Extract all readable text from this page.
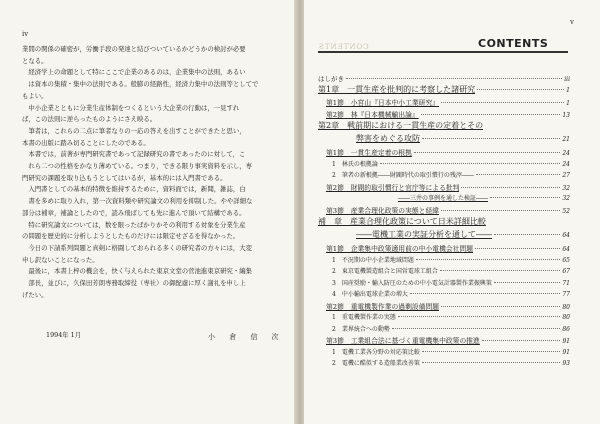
iv

業間の関係の確密が，労働手段の発達と結びついているかどうかの検討が必要

となる。

経済学上の命題として特にここで企業のあるのは，企業集中の法則，あるい

は資本の集積・集中の法則である。般膨の経路性，経済力集中の法則等としてで

もよい。

中小企業とともに分業生産体制をつくるという大企業の行動は，一見すれ

ば，この法則に逆らったものようにさえ映る。

筆者は，これらの二点に筆者なりの一応の答えを出すことができたと思い，

本書の出版に踏み切ることにしたのである。

本書では，前著が専門研究書であって記録研究の書であったのに対して，こ

れら二つの性格をかなり薄めている。つまり，できる限り事実資料を示し，専

門研究の課題を取り込もうとしてはいるが，基本的には入門書である。

入門書としての基本的特徴を維持するために，資料面では，新聞，雑誌，白

書を多めに取り入れ，第一次資料類や研究論文の利用を抑制した。やや詳細な

部分は補章，補論としたので，読み飛ばしても先に進んで頂いて結構である。

特に研究論文については，数を限ったばかりかその利用する対象を分業生産

の問題を歴史的に分析しようとしたものだけには限定せざるを得なかった。

今日の下請系列問題と真剣に格闘しておられる多くの研究者の方々には，大変

申し訳ないことになった。

最後に，本書上梓の機会を，快く与えられた東京文堂の菅池進東京研究・編集

部長，並びに，久保田芳朗専務取締役（専社）の御配慮に厚く謝礼を申し上

げたい。

1994年 1月	小 倉 信 次
v
CONTENTS	CONTENTS
はしがき	iii
第1章　一貫生産を批判的に考察した諸研究	1
第1節　小宮山『日本中小工業研究』	1
第2節　林『日本機械輸出論』	13
第2章　戦前期における一貫生産の定着とその
弊害をめぐる攻防	21
第1節　一貫生産定着の根拠	24
1　林氏の根拠論	24
2　筆者の新根拠――財閥時代の取引慣行の残滓――	27
第2節　財閥的取引慣行と官庁等による批判	32
――三井の事例を通した検証――	32
第3節　産業合理化政策の実態と経緯	52
補　章　産業合理化政策について日米詳細比較
――電機工業の実証分析を通して――	64
第1節　企業集中政策適用前の中小電機会社問題	64
1　不況期の中小企業地域問題	65
2　東京電機製造組合と国営電球工組合	67
3　国産奨励・輸入防圧のための中小電気計器製作業振興策	71
4　中小輸出電球企業の増大	77
第2節　重電機製作業の過剰設備問題	80
1　重電機製作業の実態	80
2　業界統合への動勢	86
第3節　工業組合法に基づく重電機集中政策の推進	91
1　電機工業各分野の対応策比較	91
2　電機に酷似する造船業改善策	93
